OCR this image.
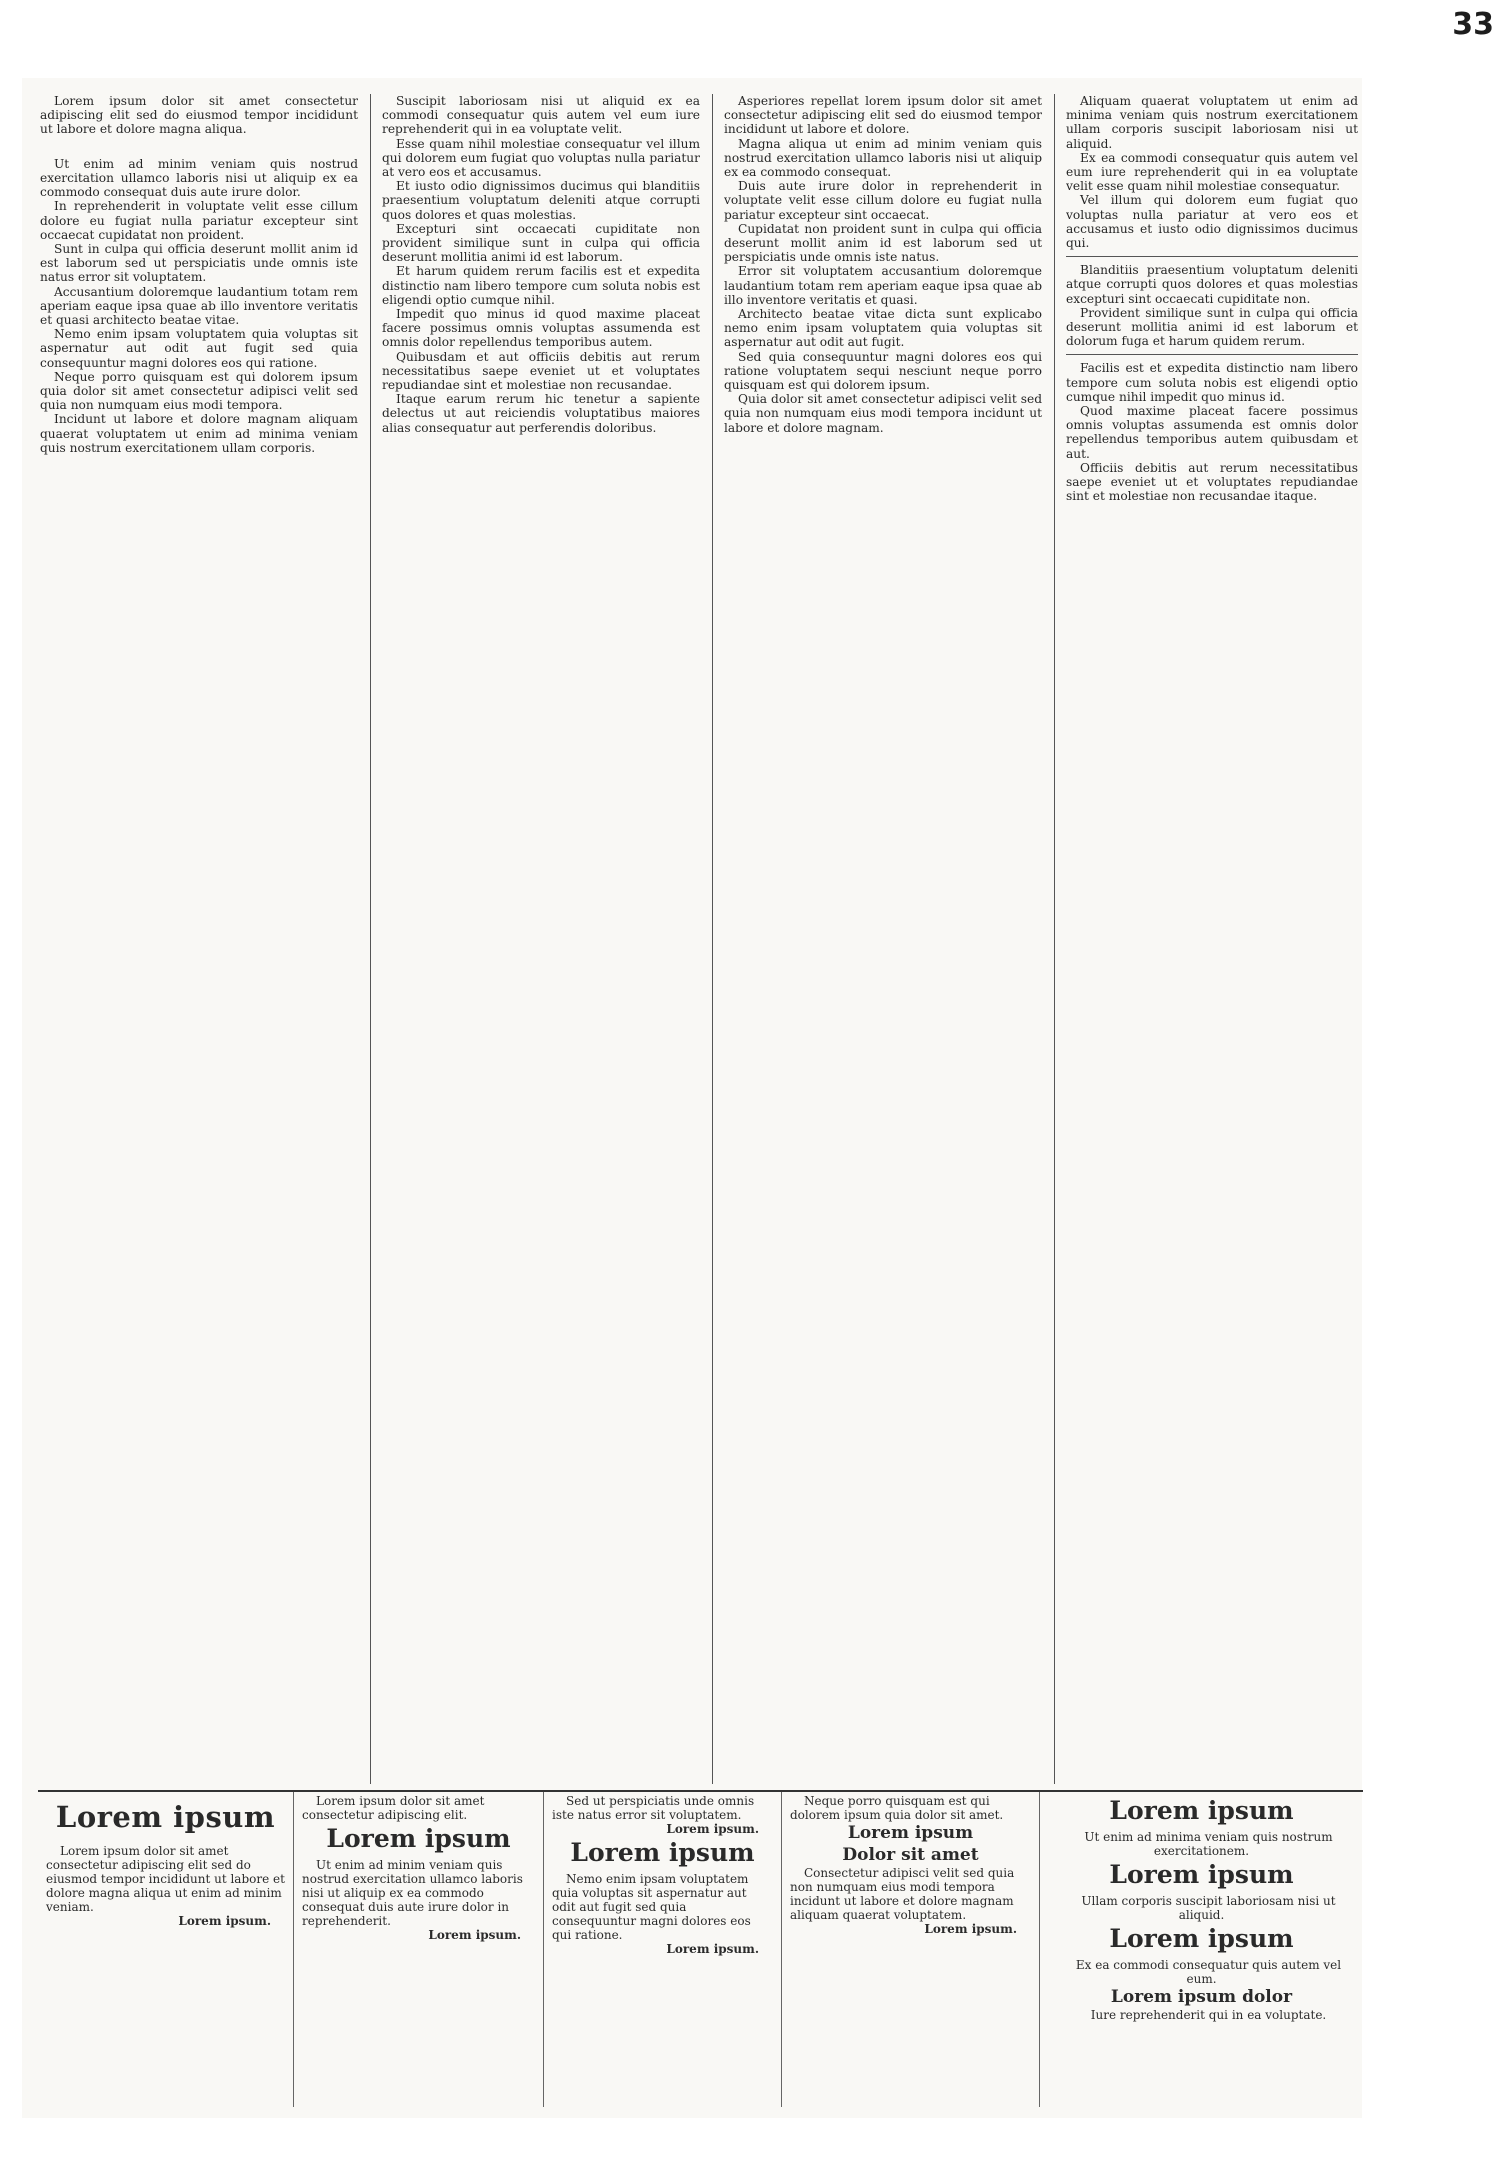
33

Lorem ipsum dolor sit amet consectetur adipiscing elit sed do eiusmod tempor incididunt ut labore et dolore magna aliqua.

Ut enim ad minim veniam quis nostrud exercitation ullamco laboris nisi ut aliquip ex ea commodo consequat duis aute irure dolor.

In reprehenderit in voluptate velit esse cillum dolore eu fugiat nulla pariatur excepteur sint occaecat cupidatat non proident.

Sunt in culpa qui officia deserunt mollit anim id est laborum sed ut perspiciatis unde omnis iste natus error sit voluptatem.

Accusantium doloremque laudantium totam rem aperiam eaque ipsa quae ab illo inventore veritatis et quasi architecto beatae vitae.

Nemo enim ipsam voluptatem quia voluptas sit aspernatur aut odit aut fugit sed quia consequuntur magni dolores eos qui ratione.

Neque porro quisquam est qui dolorem ipsum quia dolor sit amet consectetur adipisci velit sed quia non numquam eius modi tempora.

Incidunt ut labore et dolore magnam aliquam quaerat voluptatem ut enim ad minima veniam quis nostrum exercitationem ullam corporis.

Suscipit laboriosam nisi ut aliquid ex ea commodi consequatur quis autem vel eum iure reprehenderit qui in ea voluptate velit.

Esse quam nihil molestiae consequatur vel illum qui dolorem eum fugiat quo voluptas nulla pariatur at vero eos et accusamus.

Et iusto odio dignissimos ducimus qui blanditiis praesentium voluptatum deleniti atque corrupti quos dolores et quas molestias.

Excepturi sint occaecati cupiditate non provident similique sunt in culpa qui officia deserunt mollitia animi id est laborum.

Et harum quidem rerum facilis est et expedita distinctio nam libero tempore cum soluta nobis est eligendi optio cumque nihil.

Impedit quo minus id quod maxime placeat facere possimus omnis voluptas assumenda est omnis dolor repellendus temporibus autem.

Quibusdam et aut officiis debitis aut rerum necessitatibus saepe eveniet ut et voluptates repudiandae sint et molestiae non recusandae.

Itaque earum rerum hic tenetur a sapiente delectus ut aut reiciendis voluptatibus maiores alias consequatur aut perferendis doloribus.

Asperiores repellat lorem ipsum dolor sit amet consectetur adipiscing elit sed do eiusmod tempor incididunt ut labore et dolore.

Magna aliqua ut enim ad minim veniam quis nostrud exercitation ullamco laboris nisi ut aliquip ex ea commodo consequat.

Duis aute irure dolor in reprehenderit in voluptate velit esse cillum dolore eu fugiat nulla pariatur excepteur sint occaecat.

Cupidatat non proident sunt in culpa qui officia deserunt mollit anim id est laborum sed ut perspiciatis unde omnis iste natus.

Error sit voluptatem accusantium doloremque laudantium totam rem aperiam eaque ipsa quae ab illo inventore veritatis et quasi.

Architecto beatae vitae dicta sunt explicabo nemo enim ipsam voluptatem quia voluptas sit aspernatur aut odit aut fugit.

Sed quia consequuntur magni dolores eos qui ratione voluptatem sequi nesciunt neque porro quisquam est qui dolorem ipsum.

Quia dolor sit amet consectetur adipisci velit sed quia non numquam eius modi tempora incidunt ut labore et dolore magnam.

Aliquam quaerat voluptatem ut enim ad minima veniam quis nostrum exercitationem ullam corporis suscipit laboriosam nisi ut aliquid.

Ex ea commodi consequatur quis autem vel eum iure reprehenderit qui in ea voluptate velit esse quam nihil molestiae consequatur.

Vel illum qui dolorem eum fugiat quo voluptas nulla pariatur at vero eos et accusamus et iusto odio dignissimos ducimus qui.

Blanditiis praesentium voluptatum deleniti atque corrupti quos dolores et quas molestias excepturi sint occaecati cupiditate non.

Provident similique sunt in culpa qui officia deserunt mollitia animi id est laborum et dolorum fuga et harum quidem rerum.

Facilis est et expedita distinctio nam libero tempore cum soluta nobis est eligendi optio cumque nihil impedit quo minus id.

Quod maxime placeat facere possimus omnis voluptas assumenda est omnis dolor repellendus temporibus autem quibusdam et aut.

Officiis debitis aut rerum necessitatibus saepe eveniet ut et voluptates repudiandae sint et molestiae non recusandae itaque.

Lorem ipsum

Lorem ipsum dolor sit amet consectetur adipiscing elit sed do eiusmod tempor incididunt ut labore et dolore magna aliqua ut enim ad minim veniam.

Lorem ipsum.

Lorem ipsum dolor sit amet consectetur adipiscing elit.

Lorem ipsum

Ut enim ad minim veniam quis nostrud exercitation ullamco laboris nisi ut aliquip ex ea commodo consequat duis aute irure dolor in reprehenderit.

Lorem ipsum.

Sed ut perspiciatis unde omnis iste natus error sit voluptatem.

Lorem ipsum.
Lorem ipsum

Nemo enim ipsam voluptatem quia voluptas sit aspernatur aut odit aut fugit sed quia consequuntur magni dolores eos qui ratione.

Lorem ipsum.

Neque porro quisquam est qui dolorem ipsum quia dolor sit amet.

Lorem ipsum
Dolor sit amet

Consectetur adipisci velit sed quia non numquam eius modi tempora incidunt ut labore et dolore magnam aliquam quaerat voluptatem.

Lorem ipsum.
Lorem ipsum

Ut enim ad minima veniam quis nostrum exercitationem.

Lorem ipsum

Ullam corporis suscipit laboriosam nisi ut aliquid.

Lorem ipsum

Ex ea commodi consequatur quis autem vel eum.

Lorem ipsum dolor

Iure reprehenderit qui in ea voluptate.
